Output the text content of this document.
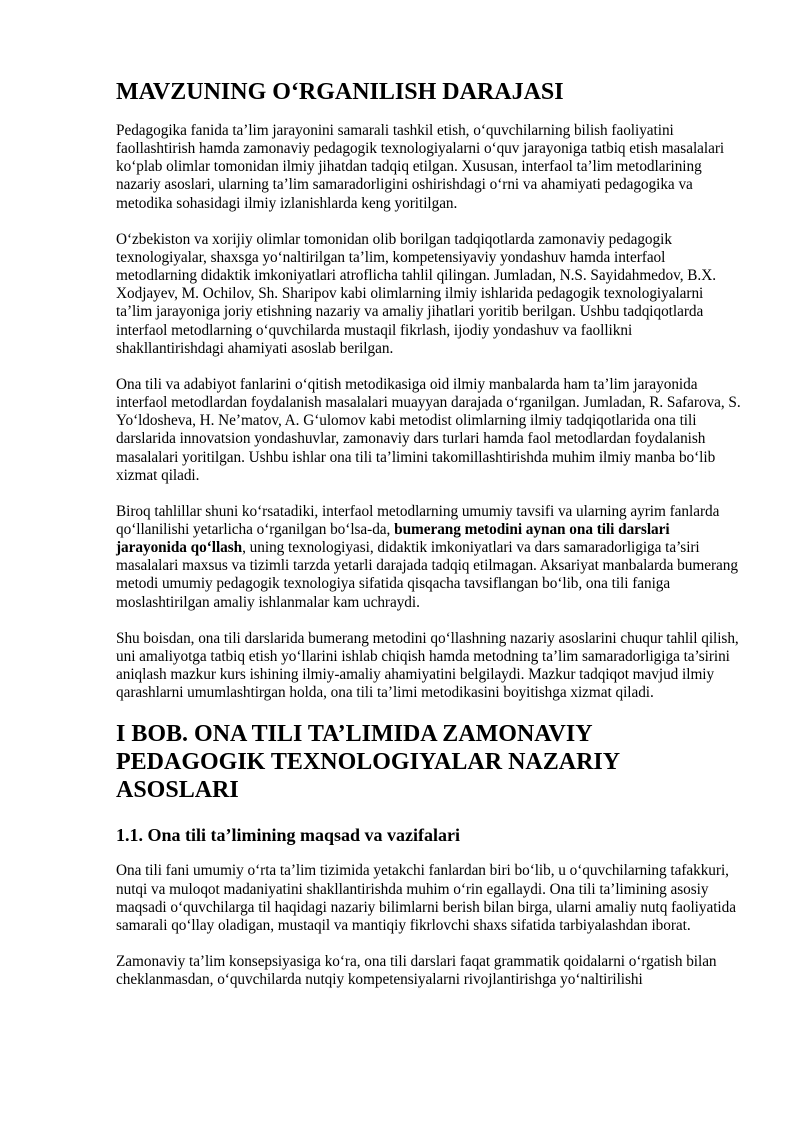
MAVZUNING O‘RGANILISH DARAJASI

Pedagogika fanida ta’lim jarayonini samarali tashkil etish, o‘quvchilarning bilish faoliyatini faollashtirish hamda zamonaviy pedagogik texnologiyalarni o‘quv jarayoniga tatbiq etish masalalari ko‘plab olimlar tomonidan ilmiy jihatdan tadqiq etilgan. Xususan, interfaol ta’lim metodlarining nazariy asoslari, ularning ta’lim samaradorligini oshirishdagi o‘rni va ahamiyati pedagogika va metodika sohasidagi ilmiy izlanishlarda keng yoritilgan.

O‘zbekiston va xorijiy olimlar tomonidan olib borilgan tadqiqotlarda zamonaviy pedagogik texnologiyalar, shaxsga yo‘naltirilgan ta’lim, kompetensiyaviy yondashuv hamda interfaol metodlarning didaktik imkoniyatlari atroflicha tahlil qilingan. Jumladan, N.S. Sayidahmedov, B.X. Xodjayev, M. Ochilov, Sh. Sharipov kabi olimlarning ilmiy ishlarida pedagogik texnologiyalarni ta’lim jarayoniga joriy etishning nazariy va amaliy jihatlari yoritib berilgan. Ushbu tadqiqotlarda interfaol metodlarning o‘quvchilarda mustaqil fikrlash, ijodiy yondashuv va faollikni shakllantirishdagi ahamiyati asoslab berilgan.

Ona tili va adabiyot fanlarini o‘qitish metodikasiga oid ilmiy manbalarda ham ta’lim jarayonida interfaol metodlardan foydalanish masalalari muayyan darajada o‘rganilgan. Jumladan, R. Safarova, S. Yo‘ldosheva, H. Ne’matov, A. G‘ulomov kabi metodist olimlarning ilmiy tadqiqotlarida ona tili darslarida innovatsion yondashuvlar, zamonaviy dars turlari hamda faol metodlardan foydalanish masalalari yoritilgan. Ushbu ishlar ona tili ta’limini takomillashtirishda muhim ilmiy manba bo‘lib xizmat qiladi.

Biroq tahlillar shuni ko‘rsatadiki, interfaol metodlarning umumiy tavsifi va ularning ayrim fanlarda qo‘llanilishi yetarlicha o‘rganilgan bo‘lsa-da, bumerang metodini aynan ona tili darslari jarayonida qo‘llash, uning texnologiyasi, didaktik imkoniyatlari va dars samaradorligiga ta’siri masalalari maxsus va tizimli tarzda yetarli darajada tadqiq etilmagan. Aksariyat manbalarda bumerang metodi umumiy pedagogik texnologiya sifatida qisqacha tavsiflangan bo‘lib, ona tili faniga moslashtirilgan amaliy ishlanmalar kam uchraydi.

Shu boisdan, ona tili darslarida bumerang metodini qo‘llashning nazariy asoslarini chuqur tahlil qilish, uni amaliyotga tatbiq etish yo‘llarini ishlab chiqish hamda metodning ta’lim samaradorligiga ta’sirini aniqlash mazkur kurs ishining ilmiy-amaliy ahamiyatini belgilaydi. Mazkur tadqiqot mavjud ilmiy qarashlarni umumlashtirgan holda, ona tili ta’limi metodikasini boyitishga xizmat qiladi.

I BOB. ONA TILI TA’LIMIDA ZAMONAVIY PEDAGOGIK TEXNOLOGIYALAR NAZARIY ASOSLARI
1.1. Ona tili ta’limining maqsad va vazifalari

Ona tili fani umumiy o‘rta ta’lim tizimida yetakchi fanlardan biri bo‘lib, u o‘quvchilarning tafakkuri, nutqi va muloqot madaniyatini shakllantirishda muhim o‘rin egallaydi. Ona tili ta’limining asosiy maqsadi o‘quvchilarga til haqidagi nazariy bilimlarni berish bilan birga, ularni amaliy nutq faoliyatida samarali qo‘llay oladigan, mustaqil va mantiqiy fikrlovchi shaxs sifatida tarbiyalashdan iborat.

Zamonaviy ta’lim konsepsiyasiga ko‘ra, ona tili darslari faqat grammatik qoidalarni o‘rgatish bilan cheklanmasdan, o‘quvchilarda nutqiy kompetensiyalarni rivojlantirishga yo‘naltirilishi
